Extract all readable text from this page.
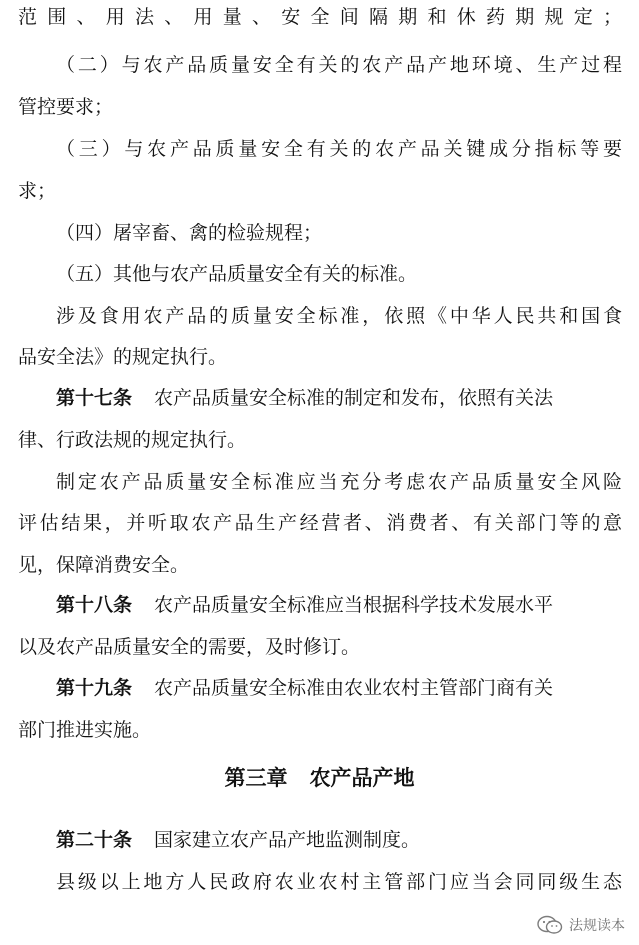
范围、用法、用量、安全间隔期和休药期规定；
（二）与农产品质量安全有关的农产品产地环境、生产过程
管控要求；
（三）与农产品质量安全有关的农产品关键成分指标等要
求；
（四）屠宰畜、禽的检验规程；
（五）其他与农产品质量安全有关的标准。
涉及食用农产品的质量安全标准，依照《中华人民共和国食
品安全法》的规定执行。
第十七条 农产品质量安全标准的制定和发布，依照有关法
律、行政法规的规定执行。
制定农产品质量安全标准应当充分考虑农产品质量安全风险
评估结果，并听取农产品生产经营者、消费者、有关部门等的意
见，保障消费安全。
第十八条 农产品质量安全标准应当根据科学技术发展水平
以及农产品质量安全的需要，及时修订。
第十九条 农产品质量安全标准由农业农村主管部门商有关
部门推进实施。
第三章 农产品产地
第二十条 国家建立农产品产地监测制度。
县级以上地方人民政府农业农村主管部门应当会同同级生态
法规读本
